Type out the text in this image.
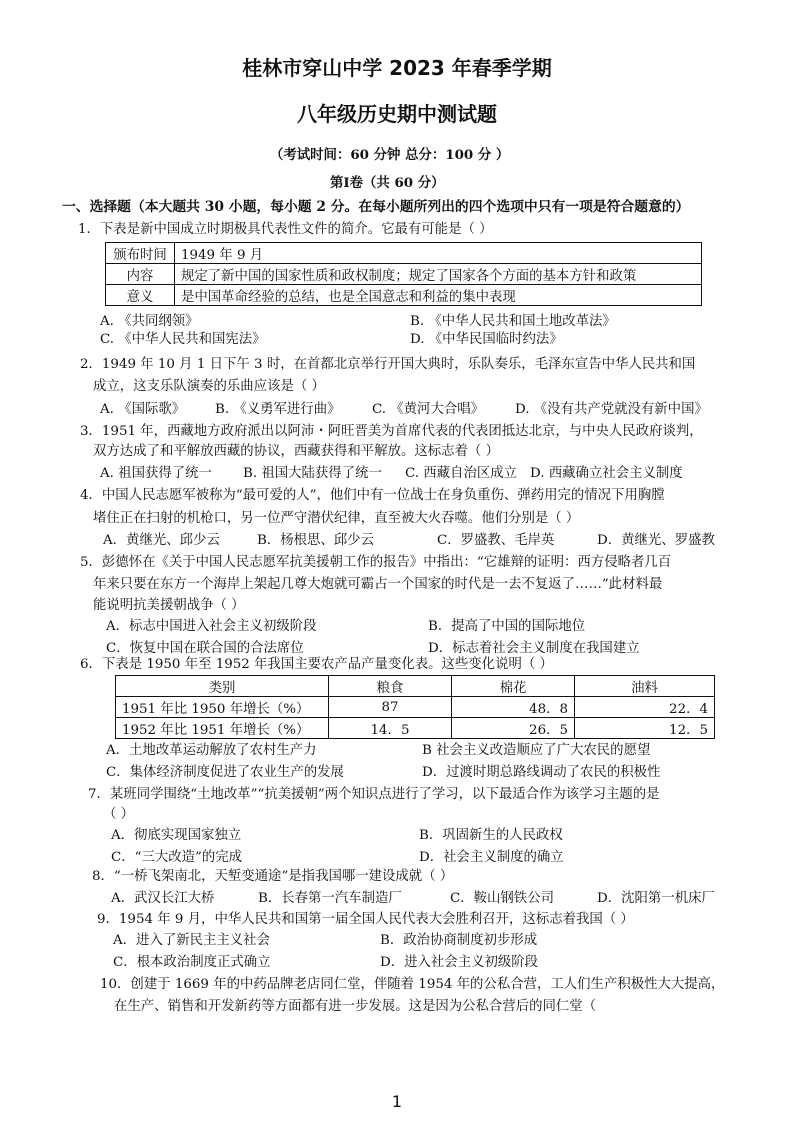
桂林市穿山中学 2023 年春季学期
八年级历史期中测试题
（考试时间：60 分钟 总分：100 分 ）
第Ⅰ卷（共 60 分）
一、选择题（本大题共 30 小题，每小题 2 分。在每小题所列出的四个选项中只有一项是符合题意的）
1．下表是新中国成立时期极具代表性文件的简介。它最有可能是（ ）
颁布时间	1949 年 9 月
内容	规定了新中国的国家性质和政权制度；规定了国家各个方面的基本方针和政策
意义	是中国革命经验的总结，也是全国意志和利益的集中表现
A. 《共同纲领》	B. 《中华人民共和国土地改革法》
C. 《中华人民共和国宪法》	D. 《中华民国临时约法》
2．1949 年 10 月 1 日下午 3 时，在首都北京举行开国大典时，乐队奏乐，毛泽东宣告中华人民共和国
成立，这支乐队演奏的乐曲应该是（ ）
A. 《国际歌》 B. 《义勇军进行曲》 C. 《黄河大合唱》 D. 《没有共产党就没有新中国》
3．1951 年，西藏地方政府派出以阿沛・阿旺晋美为首席代表的代表团抵达北京，与中央人民政府谈判，
双方达成了和平解放西藏的协议，西藏获得和平解放。这标志着（ ）
A. 祖国获得了统一 B. 祖国大陆获得了统一 C. 西藏自治区成立 D. 西藏确立社会主义制度
4．中国人民志愿军被称为“最可爱的人”，他们中有一位战士在身负重伤、弹药用完的情况下用胸膛
堵住正在扫射的机枪口，另一位严守潜伏纪律，直至被大火吞噬。他们分别是（ ）
A．黄继光、邱少云	B．杨根思、邱少云	C．罗盛教、毛岸英	D．黄继光、罗盛教
5．彭德怀在《关于中国人民志愿军抗美援朝工作的报告》中指出：“它雄辩的证明：西方侵略者几百
年来只要在东方一个海岸上架起几尊大炮就可霸占一个国家的时代是一去不复返了……”此材料最
能说明抗美援朝战争（ ）
A．标志中国进入社会主义初级阶段	B．提高了中国的国际地位
C．恢复中国在联合国的合法席位	D．标志着社会主义制度在我国建立
6．下表是 1950 年至 1952 年我国主要农产品产量变化表。这些变化说明（ ）
类别	粮食	棉花	油料
1951 年比 1950 年增长（%）	87	48．8	22．4
1952 年比 1951 年增长（%）	14．5	26．5	12．5
A．土地改革运动解放了农村生产力	B 社会主义改造顺应了广大农民的愿望
C．集体经济制度促进了农业生产的发展	D．过渡时期总路线调动了农民的积极性
7．某班同学围绕“土地改革”“抗美援朝”两个知识点进行了学习，以下最适合作为该学习主题的是
（ ）
A．彻底实现国家独立	B．巩固新生的人民政权
C．“三大改造”的完成	D．社会主义制度的确立
8．“一桥飞架南北，天堑变通途”是指我国哪一建设成就（ ）
A．武汉长江大桥	B．长春第一汽车制造厂	C．鞍山钢铁公司	D．沈阳第一机床厂
9．1954 年 9 月，中华人民共和国第一届全国人民代表大会胜利召开，这标志着我国（ ）
A．进入了新民主主义社会	B．政治协商制度初步形成
C．根本政治制度正式确立	D．进入社会主义初级阶段
10．创建于 1669 年的中药品牌老店同仁堂，伴随着 1954 年的公私合营，工人们生产积极性大大提高，
在生产、销售和开发新药等方面都有进一步发展。这是因为公私合营后的同仁堂（
1
